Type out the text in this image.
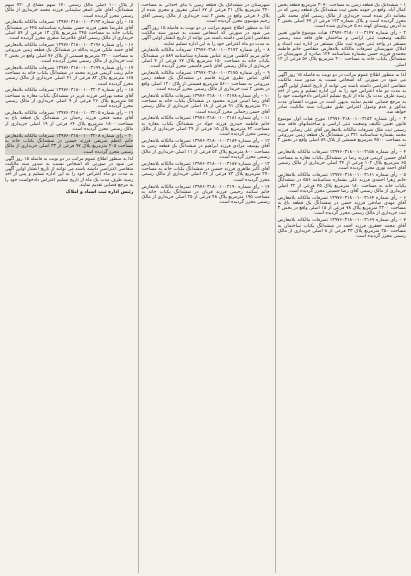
۱ – ششدانگ یک قطعه زمین به مساحت ۳۰۷۰ مترمربع قطعه بخش کمال آباد، واقع در حومه بخش ثبت ششدانگ یک قطعه زمین که در بیعنامه ذکر شده است خریداری از مالک رسمی آقای محمد علی محرز گردیده است و پلاک شماره ۱۲۳ فرعی از ۴۷ اصلی بخش ۲ به آدرس روستای کهنه ده ۵ خریداری شده است.

۲ – رأی شماره ۱۳۹۷۶۰۳۱۸۰۰۱۰۰۳۱۴۷ هیات موضوع قانون تعیین تکلیف وضعیت ثبتی اراضی و ساختمان های فاقد سند رسمی مستقر در واحد ثبتی حوزه ثبت ملک مستقر در اداره ثبت اسناد و املاک شهرستان تصرفات مالکانه بلامعارض متقاضی خانم فاطمه محمدی فرزند حسن بشماره شناسنامه ۱۲۴ صادره از شهرستان در ششدانگ یکباب خانه به مساحت ۲۰۰ مترمربع پلاک ۵۶ فرعی از ۱۲ اصلی.

لذا به منظور اطلاع عموم مراتب در دو نوبت به فاصله ۱۵ روز آگهی می شود در صورتی که اشخاص نسبت به صدور سند مالکیت متقاضی اعتراضی داشته باشند می توانند از تاریخ انتشار اولین آگهی به مدت دو ماه اعتراض خود را به این اداره تسلیم و پس از اخذ رسید ظرف مدت یک ماه از تاریخ تسلیم اعتراض دادخواست خود را به مرجع قضایی تقدیم نمایند بدیهی است در صورت انقضای مدت مذکور و عدم وصول اعتراض طبق مقررات سند مالکیت صادر خواهد شد.

۳ – رأی شماره ۱۳۹۷۶۰۳۱۸۰۰۱۰۰۳۱۵۲ مورخ هیات اول موضوع قانون تعیین تکلیف وضعیت ثبتی اراضی و ساختمانهای فاقد سند رسمی ثبت ملک تصرفات مالکانه بلامعارض آقای علی رضایی فرزند محمد بشماره شناسنامه ۳۲۱ در ششدانگ یک قطعه زمین مزروعی به مساحت ۴۵۰۰ مترمربع قسمتی از پلاک ۸۹ اصلی واقع در بخش ۲ ثبت.

۴ – رأی شماره ۱۳۹۷۶۰۳۱۸۰۰۱۰۰۳۱۵۸ تصرفات مالکانه بلامعارض آقای حسین کریمی فرزند رضا در ششدانگ یکباب مغازه به مساحت ۶۵ مترمربع پلاک ۱۰۲ فرعی از ۳۴ اصلی خریداری از مالک رسمی آقای احمد نوری محرز گردیده است.

۵ – رأی شماره ۱۳۹۷۶۰۳۱۸۰۰۱۰۰۳۱۶۱ تصرفات مالکانه بلامعارض خانم زهرا احمدی فرزند علی بشماره شناسنامه ۵۵۶ در ششدانگ یکباب خانه به مساحت ۱۸۰ مترمربع پلاک ۴۵ فرعی از ۲۲ اصلی خریداری از مالک رسمی آقای رضا حسینی محرز گردیده است.

۶ – رأی شماره ۱۳۹۷۶۰۳۱۸۰۰۱۰۰۳۱۶۴ تصرفات مالکانه بلامعارض آقای مهدی صادقی فرزند حسن در ششدانگ یک قطعه باغ به مساحت ۲۲۰۰ مترمربع پلاک ۷۸ فرعی از ۱۵ اصلی واقع در بخش ۳ ثبت خریداری از مالک رسمی محرز گردیده است.

۷ – رأی شماره ۱۳۹۷۶۰۳۱۸۰۰۱۰۰۳۱۶۹ تصرفات مالکانه بلامعارض آقای محمد جعفری فرزند احمد در ششدانگ یکباب ساختمان به مساحت ۲۵۰ مترمربع پلاک ۳۳ فرعی از ۸ اصلی خریداری از مالک رسمی محرز گردیده است.

شهرستان در ششدانگ یک قطعه زمین با بنای احداثی به مساحت ۳۴۰ مترمربع پلاک ۲۱ فرعی از ۶۷ اصلی مفروز و مجزی شده از پلاک ۶ فرعی واقع در بخش ۲ ثبت خریداری از مالک رسمی آقای رحیم موسوی محرز گردیده است.

لذا به منظور اطلاع عموم مراتب در دو نوبت به فاصله ۱۵ روز آگهی می شود در صورتی که اشخاص نسبت به صدور سند مالکیت متقاضی اعتراضی داشته باشند می توانند از تاریخ انتشار اولین آگهی به مدت دو ماه اعتراض خود را به این اداره تسلیم نمایند.

۸ – رأی شماره ۱۳۹۷۶۰۳۱۸۰۰۱۰۰۳۱۷۲ تصرفات مالکانه بلامعارض خانم مریم کاظمی فرزند عباس بشماره شناسنامه ۸۸۹ در ششدانگ یکباب خانه به مساحت ۱۵۰ مترمربع پلاک ۶۷ فرعی از ۴ اصلی خریداری از مالک رسمی آقای ناصر قاسمی محرز گردیده است.

۹ – رأی شماره ۱۳۹۷۶۰۳۱۸۰۰۱۰۰۳۱۷۵ تصرفات مالکانه بلامعارض آقای عباس نظری فرزند قاسم در ششدانگ یک قطعه زمین مزروعی به مساحت ۵۶۰۰ مترمربع قسمتی از پلاک ۱۲۰ اصلی واقع در بخش ۲ ثبت خریداری از مالک رسمی محرز گردیده است.

۱۰ – رأی شماره ۱۳۹۷۶۰۳۱۸۰۰۱۰۰۳۱۷۸ تصرفات مالکانه بلامعارض آقای رضا امینی فرزند محمود در ششدانگ یکباب خانه به مساحت ۲۱۰ مترمربع پلاک ۹۱ فرعی از ۱۸ اصلی خریداری از مالک رسمی آقای حسن رحمانی محرز گردیده است.

۱۱ – رأی شماره ۱۳۹۷۶۰۳۱۸۰۰۱۰۰۳۱۸۱ تصرفات مالکانه بلامعارض خانم فاطمه حیدری فرزند جواد در ششدانگ یکباب مغازه به مساحت ۴۲ مترمربع پلاک ۱۵ فرعی از ۲۹ اصلی خریداری از مالک رسمی محرز گردیده است.

۱۲ – رأی شماره ۱۳۹۷۶۰۳۱۸۰۰۱۰۰۳۱۸۴ تصرفات مالکانه بلامعارض آقای یوسف مرادی فرزند ابراهیم در ششدانگ یک قطعه زمین به مساحت ۸۰۰ مترمربع پلاک ۵۲ فرعی از ۱۱ اصلی خریداری از مالک رسمی محرز گردیده است.

۱۳ – رأی شماره ۱۳۹۷۶۰۳۱۸۰۰۱۰۰۳۱۸۷ تصرفات مالکانه بلامعارض آقای اکبر طاهری فرزند حسین در ششدانگ یکباب خانه به مساحت ۲۷۰ مترمربع پلاک ۷۳ فرعی از ۳۶ اصلی خریداری از مالک رسمی محرز گردیده است.

۱۴ – رأی شماره ۱۳۹۷۶۰۳۱۸۰۰۱۰۰۳۱۹۰ تصرفات مالکانه بلامعارض خانم سکینه رحیمی فرزند قربان در ششدانگ یکباب خانه به مساحت ۱۹۵ مترمربع پلاک ۴۸ فرعی از ۲۵ اصلی خریداری از مالک رسمی محرز گردیده است.

از پلاک ۱۰۰ اصلی مالک رسمی ۱۷۰ سهم مشاع از ۷۲۰ سهم ششدانگ، آقای علی اصغر سلیمانی فرزند محمد خریداری از مالک رسمی محرز گردیده است.

۱۵ – رأی شماره ۱۳۹۷۶۰۳۱۸۰۰۱۰۰۳۱۹۳ تصرفات مالکانه بلامعارض آقای علیرضا نجفی فرزند حسن بشماره شناسنامه ۴۴۵ در ششدانگ یکباب خانه به مساحت ۲۴۵ مترمربع پلاک ۱۳ فرعی از ۵۴ اصلی خریداری از مالک رسمی آقای غلامرضا صفری محرز گردیده است.

۱۶ – رأی شماره ۱۳۹۷۶۰۳۱۸۰۰۱۰۰۳۱۹۶ تصرفات مالکانه بلامعارض آقای حمید ملکی فرزند یدالله در ششدانگ یک قطعه زمین مزروعی به مساحت ۳۲۰۰ مترمربع قسمتی از پلاک ۷۶ اصلی واقع در بخش ۲ ثبت خریداری از مالک رسمی محرز گردیده است.

۱۷ – رأی شماره ۱۳۹۷۶۰۳۱۸۰۰۱۰۰۳۱۹۹ تصرفات مالکانه بلامعارض خانم زینب کریمی فرزند محمد در ششدانگ یکباب خانه به مساحت ۱۶۵ مترمربع پلاک ۸۲ فرعی از ۴۱ اصلی خریداری از مالک رسمی محرز گردیده است.

۱۸ – رأی شماره ۱۳۹۷۶۰۳۱۸۰۰۱۰۰۳۲۰۲ تصرفات مالکانه بلامعارض آقای سعید بهرامی فرزند عزیز در ششدانگ یکباب مغازه به مساحت ۵۸ مترمربع پلاک ۲۶ فرعی از ۹ اصلی خریداری از مالک رسمی محرز گردیده است.

۱۹ – رأی شماره ۱۳۹۷۶۰۳۱۸۰۰۱۰۰۳۲۰۵ تصرفات مالکانه بلامعارض آقای مجید فتحی فرزند رحمان در ششدانگ یک قطعه باغ به مساحت ۱۸۰۰ مترمربع پلاک ۶۴ فرعی از ۱۹ اصلی خریداری از مالک رسمی محرز گردیده است.

۲۰ – رأی شماره ۱۳۹۷۶۰۳۱۸۰۰۱۰۰۳۲۰۸ تصرفات مالکانه بلامعارض خانم اعظم شریفی فرزند حسین در ششدانگ یکباب خانه به مساحت ۲۰۵ مترمربع پلاک ۹۷ فرعی از ۳۳ اصلی خریداری از مالک رسمی محرز گردیده است.

لذا به منظور اطلاع عموم مراتب در دو نوبت به فاصله ۱۵ روز آگهی می شود در صورتی که اشخاص نسبت به صدور سند مالکیت متقاضی اعتراضی داشته باشند می توانند از تاریخ انتشار اولین آگهی به مدت دو ماه اعتراض خود را به این اداره تسلیم و پس از اخذ رسید ظرف مدت یک ماه از تاریخ تسلیم اعتراض دادخواست خود را به مرجع قضایی تقدیم نمایند.

رئیس اداره ثبت اسناد و املاک
